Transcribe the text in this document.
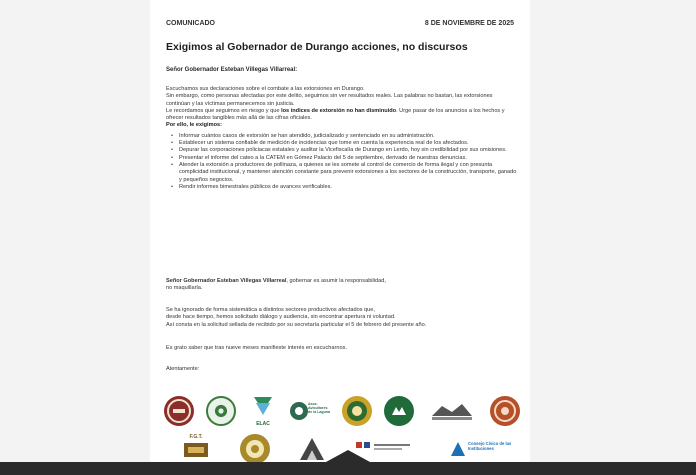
COMUNICADO	8 DE NOVIEMBRE DE 2025
Exigimos al Gobernador de Durango acciones, no discursos
Señor Gobernador Esteban Villegas Villarreal:

Escuchamos sus declaraciones sobre el combate a las extorsiones en Durango.

Sin embargo, como personas afectadas por este delito, seguimos sin ver resultados reales. Las palabras no bastan, las extorsiones continúan y las víctimas permanecemos sin justicia.

Le recordamos que seguimos en riesgo y que los índices de extorsión no han disminuido. Urge pasar de los anuncios a los hechos y ofrecer resultados tangibles más allá de las cifras oficiales.

Por ello, le exigimos:

• Informar cuántos casos de extorsión se han atendido, judicializado y sentenciado en su administración.
• Establecer un sistema confiable de medición de incidencias que tome en cuenta la experiencia real de los afectados.
• Depurar las corporaciones policiacas estatales y auditar la Vicefiscalía de Durango en Lerdo, hoy sin credibilidad por sus omisiones.
• Presentar el informe del cateo a la CATEM en Gómez Palacio del 5 de septiembre, derivado de nuestras denuncias.
• Atender la extorsión a productores de pollinaza, a quienes se les somete al control de comercio de forma ilegal y con presunta complicidad institucional, y mantener atención constante para prevenir extorsiones a los sectores de la construcción, transporte, ganado y pequeños negocios.
• Rendir informes bimestrales públicos de avances verificables.

Señor Gobernador Esteban Villegas Villarreal, gobernar es asumir la responsabilidad,

no maquillarla.

Se ha ignorado de forma sistemática a distintos sectores productivos afectados que,

desde hace tiempo, hemos solicitado diálogo y audiencia, sin encontrar apertura ni voluntad.

Así consta en la solicitud sellada de recibido por su secretaría particular el 5 de febrero del presente año.

Es grato saber que tras nueve meses manifieste interés en escucharnos.
Atentamente:
ELAC
Asoc. Avicultores de la Laguna
F.G.T.
Consejo Cívico de las Instituciones
